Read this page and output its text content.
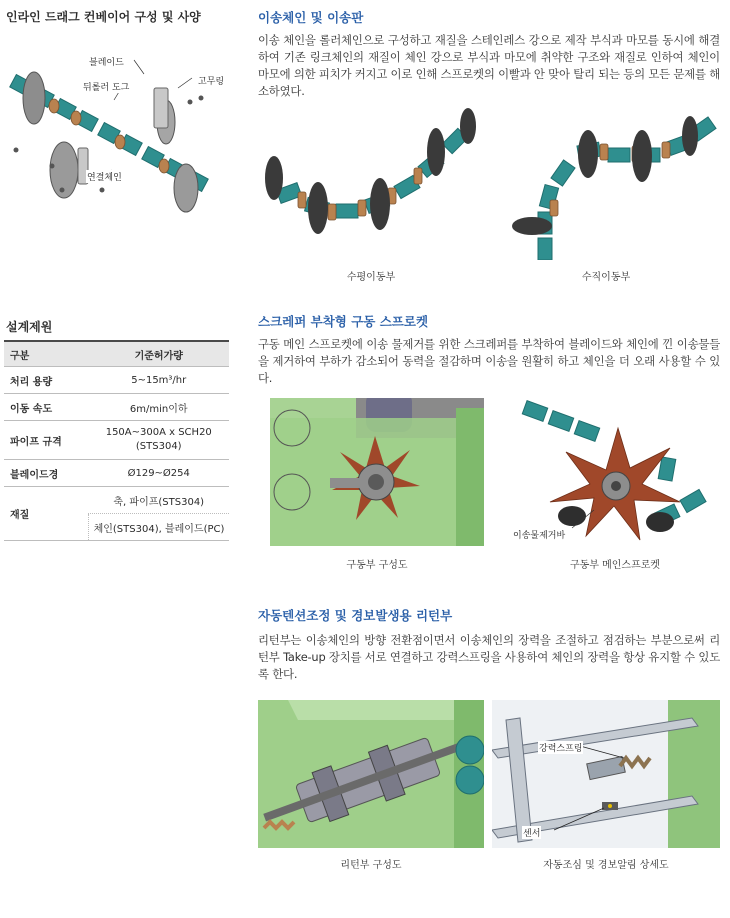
인라인 드래그 컨베이어 구성 및 사양
블레이드
뒤롤러 도그
고무링
연결체인
설계제원
구분	기준허가량
처리 용량	5~15m³/hr
이동 속도	6m/min이하
파이프 규격	150A~300A x SCH20
(STS304)
블레이드경	Ø129~Ø254
재질	축, 파이프(STS304)
	체인(STS304), 블레이드(PC)
이송체인 및 이송판
이송 체인을 롤러체인으로 구성하고 재질을 스테인레스 강으로 제작 부식과 마모를 동시에 해결하여 기존 링크체인의 재질이 체인 강으로 부식과 마모에 취약한 구조와 재질로 인하여 체인이 마모에 의한 피치가 커지고 이로 인해 스프로켓의 이빨과 안 맞아 탈리 되는 등의 모든 문제를 해소하였다.
수평이동부	수직이동부
스크레퍼 부착형 구동 스프로켓
구동 메인 스프로켓에 이송 물제거를 위한 스크레퍼를 부착하여 블레이드와 체인에 낀 이송물들을 제거하여 부하가 감소되어 동력을 절감하며 이송을 원활히 하고 체인을 더 오래 사용할 수 있다.
이송물제거바
구동부 구성도	구동부 메인스프로켓
자동텐션조정 및 경보발생용 리턴부
리턴부는 이송체인의 방향 전환점이면서 이송체인의 장력을 조절하고 점검하는 부분으로써 리턴부 Take-up 장치를 서로 연결하고 강력스프링을 사용하여 체인의 장력을 항상 유지할 수 있도록 한다.
강력스프링
센서
리턴부 구성도	자동조심 및 경보알림 상세도
